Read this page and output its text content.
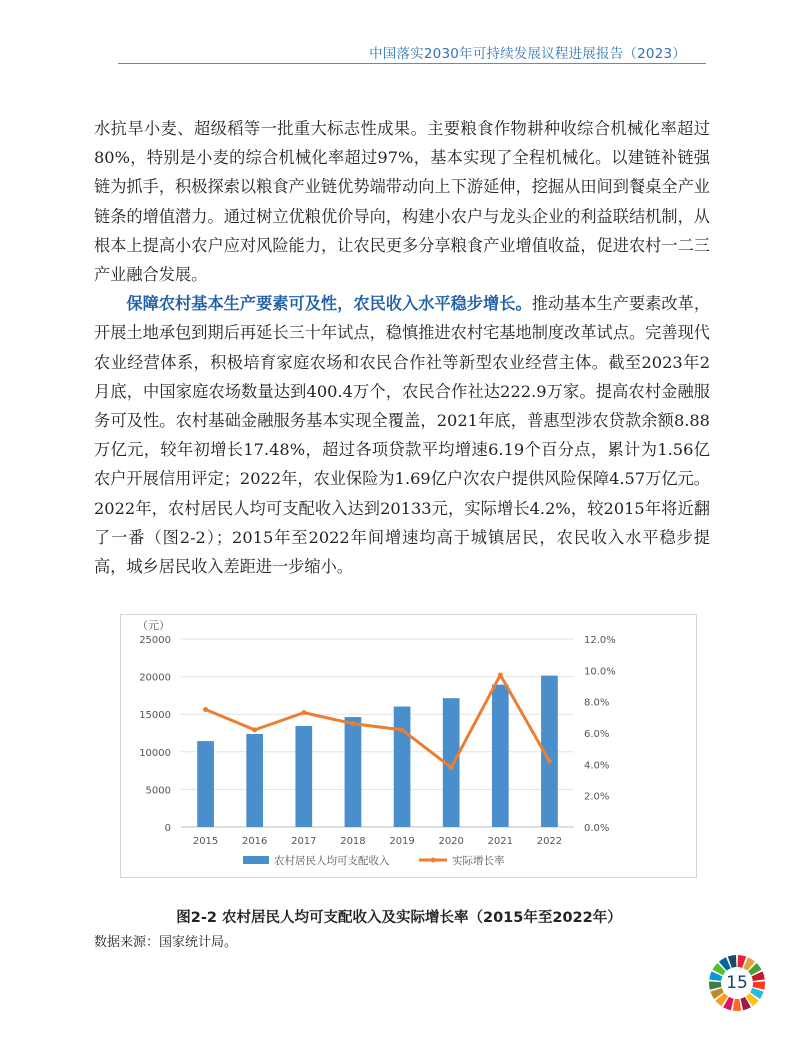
中国落实2030年可持续发展议程进展报告（2023）

水抗旱小麦、超级稻等一批重大标志性成果。主要粮食作物耕种收综合机械化率超过80%，特别是小麦的综合机械化率超过97%，基本实现了全程机械化。以建链补链强链为抓手，积极探索以粮食产业链优势端带动向上下游延伸，挖掘从田间到餐桌全产业链条的增值潜力。通过树立优粮优价导向，构建小农户与龙头企业的利益联结机制，从根本上提高小农户应对风险能力，让农民更多分享粮食产业增值收益，促进农村一二三产业融合发展。

保障农村基本生产要素可及性，农民收入水平稳步增长。推动基本生产要素改革，开展土地承包到期后再延长三十年试点，稳慎推进农村宅基地制度改革试点。完善现代农业经营体系，积极培育家庭农场和农民合作社等新型农业经营主体。截至2023年2月底，中国家庭农场数量达到400.4万个，农民合作社达222.9万家。提高农村金融服务可及性。农村基础金融服务基本实现全覆盖，2021年底，普惠型涉农贷款余额8.88万亿元，较年初增长17.48%，超过各项贷款平均增速6.19个百分点，累计为1.56亿农户开展信用评定；2022年，农业保险为1.69亿户次农户提供风险保障4.57万亿元。2022年，农村居民人均可支配收入达到20133元，实际增长4.2%，较2015年将近翻了一番（图2-2）；2015年至2022年间增速均高于城镇居民，农民收入水平稳步提高，城乡居民收入差距进一步缩小。

0
5000
10000
15000
20000
25000
0.0%
2.0%
4.0%
6.0%
8.0%
10.0%
12.0%
（元）
2015 2016 2017 2018 2019 2020 2021 2022
农村居民人均可支配收入	实际增长率
图2-2 农村居民人均可支配收入及实际增长率（2015年至2022年）
数据来源：国家统计局。
15
